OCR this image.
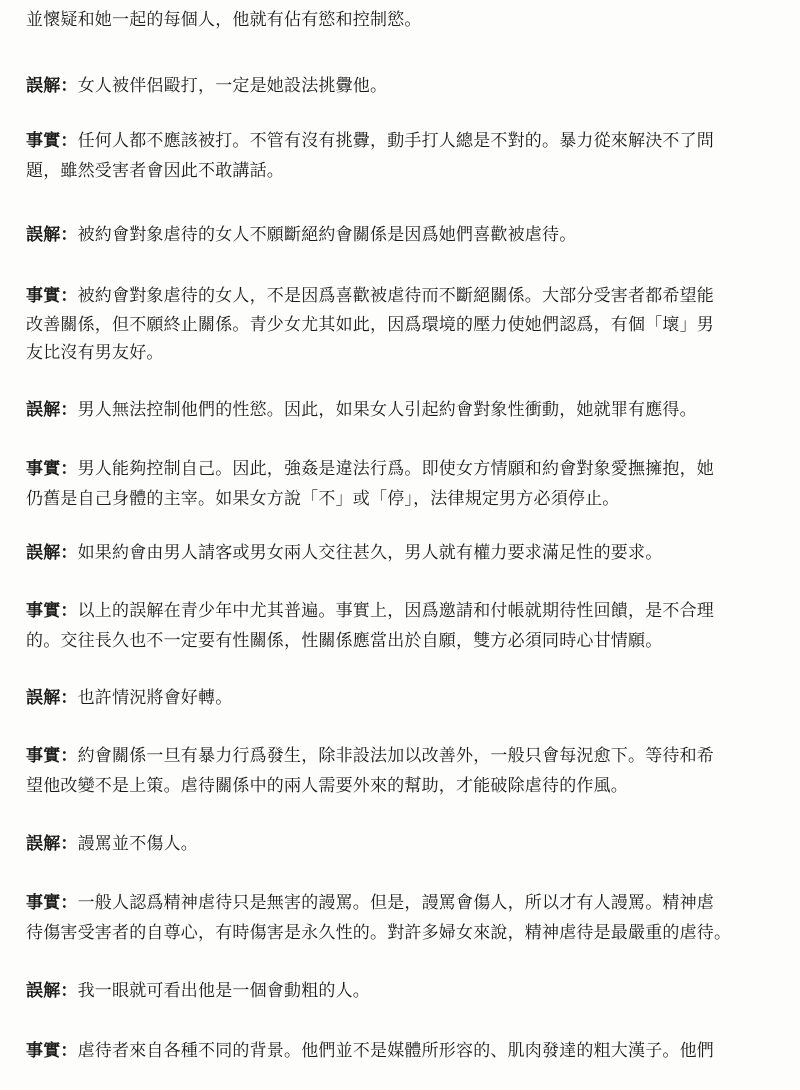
並懷疑和她一起的每個人，他就有佔有慾和控制慾。
誤解：女人被伴侶毆打，一定是她設法挑釁他。
事實：任何人都不應該被打。不管有沒有挑釁，動手打人總是不對的。暴力從來解決不了問
題，雖然受害者會因此不敢講話。
誤解：被約會對象虐待的女人不願斷絕約會關係是因爲她們喜歡被虐待。
事實：被約會對象虐待的女人，不是因爲喜歡被虐待而不斷絕關係。大部分受害者都希望能
改善關係，但不願終止關係。青少女尤其如此，因爲環境的壓力使她們認爲，有個「壞」男
友比沒有男友好。
誤解：男人無法控制他們的性慾。因此，如果女人引起約會對象性衝動，她就罪有應得。
事實：男人能夠控制自己。因此，強姦是違法行爲。即使女方情願和約會對象愛撫擁抱，她
仍舊是自己身體的主宰。如果女方說「不」或「停」，法律規定男方必須停止。
誤解：如果約會由男人請客或男女兩人交往甚久，男人就有權力要求滿足性的要求。
事實：以上的誤解在青少年中尤其普遍。事實上，因爲邀請和付帳就期待性回饋，是不合理
的。交往長久也不一定要有性關係，性關係應當出於自願，雙方必須同時心甘情願。
誤解：也許情況將會好轉。
事實：約會關係一旦有暴力行爲發生，除非設法加以改善外，一般只會每況愈下。等待和希
望他改變不是上策。虐待關係中的兩人需要外來的幫助，才能破除虐待的作風。
誤解：謾罵並不傷人。
事實：一般人認爲精神虐待只是無害的謾罵。但是，謾罵會傷人，所以才有人謾罵。精神虐
待傷害受害者的自尊心，有時傷害是永久性的。對許多婦女來說，精神虐待是最嚴重的虐待。
誤解：我一眼就可看出他是一個會動粗的人。
事實：虐待者來自各種不同的背景。他們並不是媒體所形容的、肌肉發達的粗大漢子。他們
